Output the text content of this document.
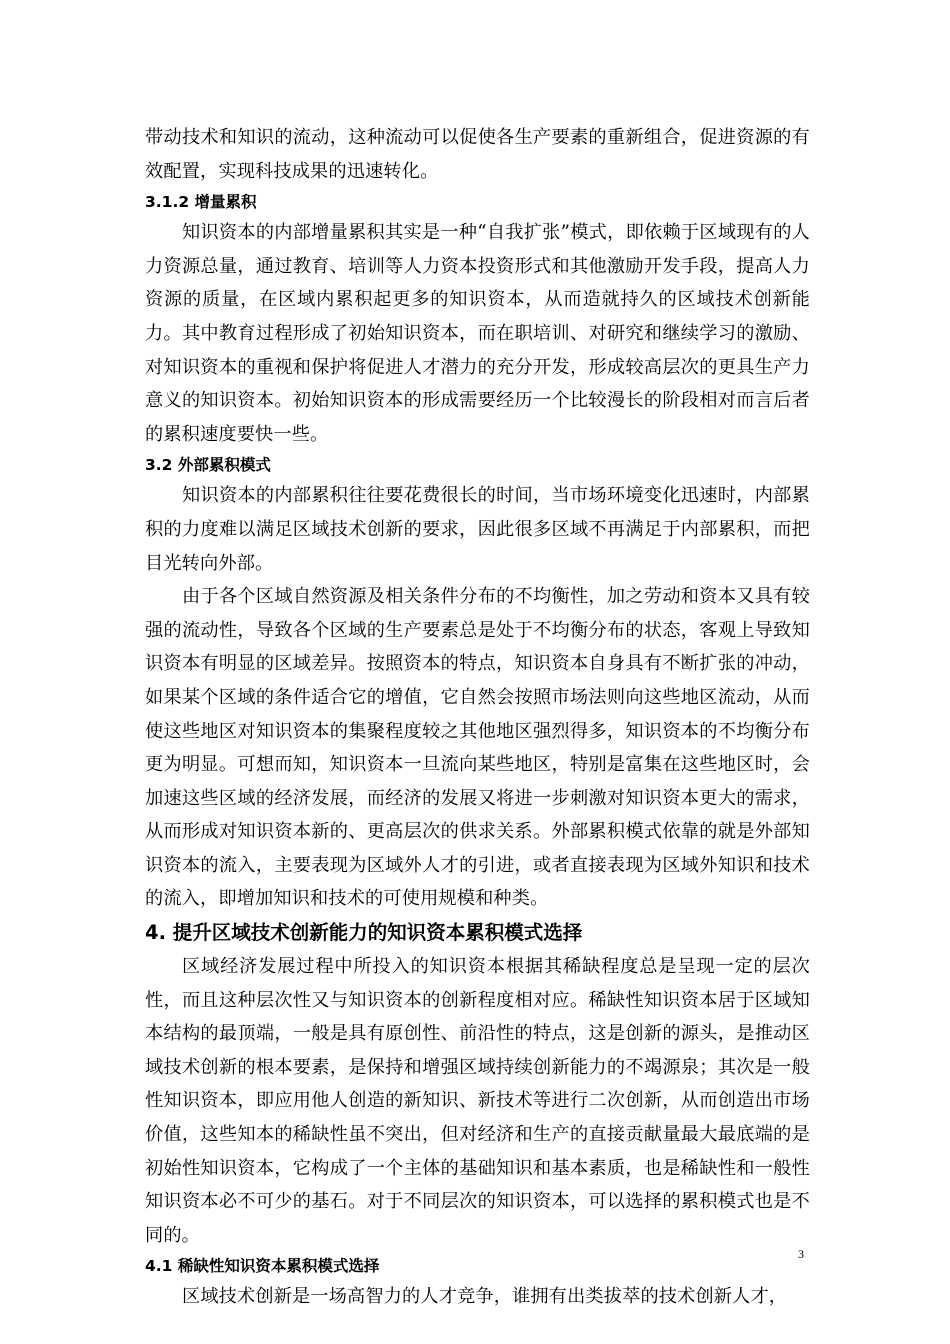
带动技术和知识的流动，这种流动可以促使各生产要素的重新组合，促进资源的有效配置，实现科技成果的迅速转化。

3.1.2 增量累积

知识资本的内部增量累积其实是一种“自我扩张”模式，即依赖于区域现有的人力资源总量，通过教育、培训等人力资本投资形式和其他激励开发手段，提高人力资源的质量，在区域内累积起更多的知识资本，从而造就持久的区域技术创新能力。其中教育过程形成了初始知识资本，而在职培训、对研究和继续学习的激励、对知识资本的重视和保护将促进人才潜力的充分开发，形成较高层次的更具生产力意义的知识资本。初始知识资本的形成需要经历一个比较漫长的阶段相对而言后者的累积速度要快一些。

3.2 外部累积模式

知识资本的内部累积往往要花费很长的时间，当市场环境变化迅速时，内部累积的力度难以满足区域技术创新的要求，因此很多区域不再满足于内部累积，而把目光转向外部。

由于各个区域自然资源及相关条件分布的不均衡性，加之劳动和资本又具有较强的流动性，导致各个区域的生产要素总是处于不均衡分布的状态，客观上导致知识资本有明显的区域差异。按照资本的特点，知识资本自身具有不断扩张的冲动，如果某个区域的条件适合它的增值，它自然会按照市场法则向这些地区流动，从而使这些地区对知识资本的集聚程度较之其他地区强烈得多，知识资本的不均衡分布更为明显。可想而知，知识资本一旦流向某些地区，特别是富集在这些地区时，会加速这些区域的经济发展，而经济的发展又将进一步刺激对知识资本更大的需求，从而形成对知识资本新的、更高层次的供求关系。外部累积模式依靠的就是外部知识资本的流入，主要表现为区域外人才的引进，或者直接表现为区域外知识和技术的流入，即增加知识和技术的可使用规模和种类。

4. 提升区域技术创新能力的知识资本累积模式选择

区域经济发展过程中所投入的知识资本根据其稀缺程度总是呈现一定的层次性，而且这种层次性又与知识资本的创新程度相对应。稀缺性知识资本居于区域知本结构的最顶端，一般是具有原创性、前沿性的特点，这是创新的源头，是推动区域技术创新的根本要素，是保持和增强区域持续创新能力的不竭源泉；其次是一般性知识资本，即应用他人创造的新知识、新技术等进行二次创新，从而创造出市场价值，这些知本的稀缺性虽不突出，但对经济和生产的直接贡献量最大最底端的是初始性知识资本，它构成了一个主体的基础知识和基本素质，也是稀缺性和一般性知识资本必不可少的基石。对于不同层次的知识资本，可以选择的累积模式也是不同的。

4.1 稀缺性知识资本累积模式选择

区域技术创新是一场高智力的人才竞争，谁拥有出类拔萃的技术创新人才，

3
